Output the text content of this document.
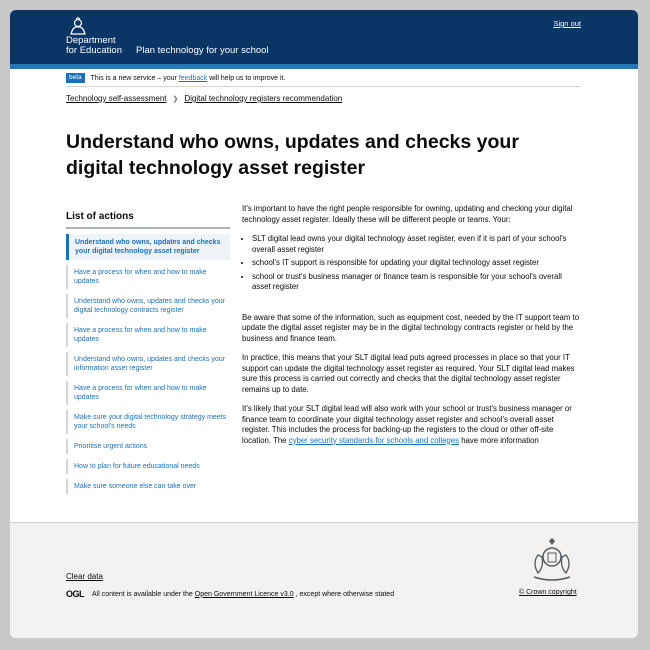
Department
for Education Plan technology for your school
Sign out
beta This is a new service – your feedback will help us to improve it.
Technology self-assessment ❯ Digital technology registers recommendation
Understand who owns, updates and checks your digital technology asset register
List of actions
Understand who owns, updates and checks your digital technology asset register
Have a process for when and how to make updates
Understand who owns, updates and checks your digital technology contracts register
Have a process for when and how to make updates
Understand who owns, updates and checks your information asset register
Have a process for when and how to make updates
Make sure your digital technology strategy meets your school's needs
Prioritise urgent actions
How to plan for future educational needs
Make sure someone else can take over

It's important to have the right people responsible for owning, updating and checking your digital technology asset register. Ideally these will be different people or teams. Your:

• SLT digital lead owns your digital technology asset register, even if it is part of your school's overall asset register
• school's IT support is responsible for updating your digital technology asset register
• school or trust's business manager or finance team is responsible for your school's overall asset register

Be aware that some of the information, such as equipment cost, needed by the IT support team to update the digital asset register may be in the digital technology contracts register or held by the business and finance team.

In practice, this means that your SLT digital lead puts agreed processes in place so that your IT support can update the digital technology asset register as required. Your SLT digital lead makes sure this process is carried out correctly and checks that the digital technology asset register remains up to date.

It's likely that your SLT digital lead will also work with your school or trust's business manager or finance team to coordinate your digital technology asset register and school's overall asset register. This includes the process for backing-up the registers to the cloud or other off-site location. The cyber security standards for schools and colleges have more information

Clear data
OGL All content is available under the Open Government Licence v3.0 , except where otherwise stated	© Crown copyright
